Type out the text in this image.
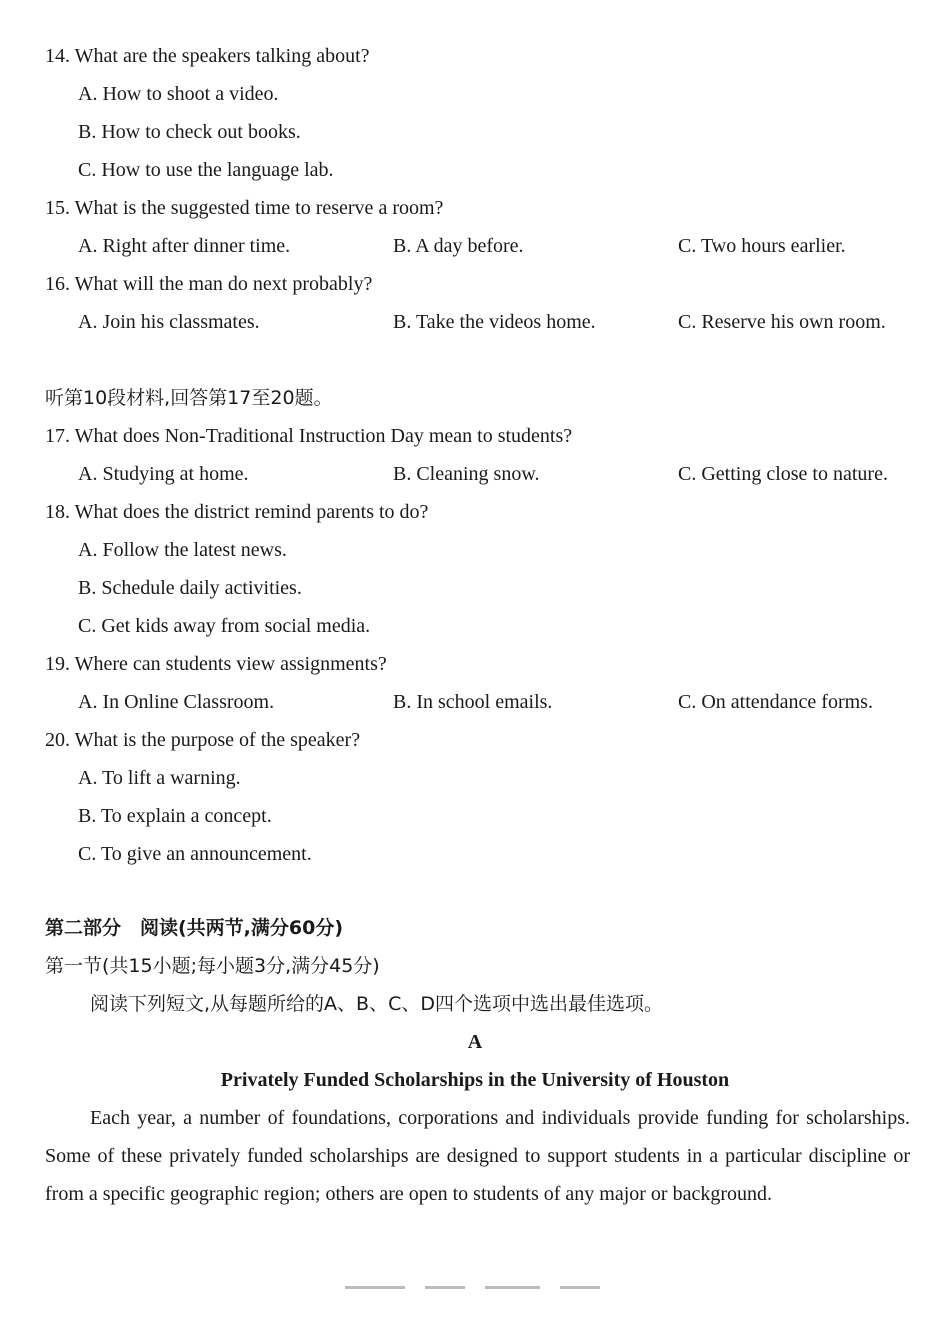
14. What are the speakers talking about?
A. How to shoot a video.
B. How to check out books.
C. How to use the language lab.
15. What is the suggested time to reserve a room?
A. Right after dinner time.	B. A day before.	C. Two hours earlier.
16. What will the man do next probably?
A. Join his classmates.	B. Take the videos home.	C. Reserve his own room.
听第10段材料,回答第17至20题。
17. What does Non-Traditional Instruction Day mean to students?
A. Studying at home.	B. Cleaning snow.	C. Getting close to nature.
18. What does the district remind parents to do?
A. Follow the latest news.
B. Schedule daily activities.
C. Get kids away from social media.
19. Where can students view assignments?
A. In Online Classroom.	B. In school emails.	C. On attendance forms.
20. What is the purpose of the speaker?
A. To lift a warning.
B. To explain a concept.
C. To give an announcement.
第二部分　阅读(共两节,满分60分)
第一节(共15小题;每小题3分,满分45分)
阅读下列短文,从每题所给的A、B、C、D四个选项中选出最佳选项。
A
Privately Funded Scholarships in the University of Houston
Each year, a number of foundations, corporations and individuals provide funding for scholarships. Some of these privately funded scholarships are designed to support students in a particular discipline or from a specific geographic region; others are open to students of any major or background.
